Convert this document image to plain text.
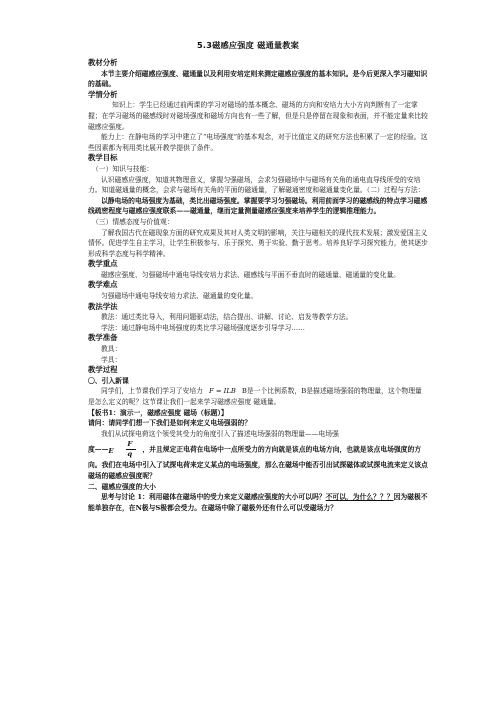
5.3磁感应强度 磁通量教案
教材分析
本节主要介绍磁感应强度、磁通量以及利用安培定则来测定磁感应强度的基本知识。是今后更深入学习磁知识的基础。
学情分析
知识上：学生已经通过前两课的学习对磁场的基本概念、磁场的方向和安培力大小方向判断有了一定掌握；在学习磁场的磁感线时对磁场强度和磁场方向也有一些了解，但是只是停留在现象和表面，并不能定量来比较磁感应强度。
能力上：在静电场的学习中建立了“电场强度”的基本观念，对于比值定义的研究方法也积累了一定的经验。这些因素都为利用类比展开教学提供了条件。
教学目标
（一）知识与技能：
认识磁感应强度，知道其物理意义，掌握匀强磁场，会求匀强磁场中与磁场有关角的通电直导线所受的安培力。知道磁通量的概念，会求与磁场有关角的平面的磁通量，了解磁通密度和磁通量变化量。（二）过程与方法：
以静电场的电场强度为基础，类比出磁场强度。掌握要学习匀强磁场。利用前面学习的磁感线的特点学习磁感线疏密程度与磁感应强度联系——磁通量，继而定量测量磁感应强度来培养学生的逻辑推理能力。
（三）情感态度与价值观：
了解我国古代在磁现象方面的研究成果及其对人类文明的影响，关注与磁相关的现代技术发展；激发爱国主义情怀。促进学生自主学习，让学生积极参与、乐于探究、勇于实验、勤于思考。培养良好学习探究能力，使其逐步形成科学态度与科学精神。
教学重点
磁感应强度、匀强磁场中通电导线安培力求法、磁感线与平面不垂直时的磁通量、磁通量的变化量。
教学难点
匀强磁场中通电导线安培力求法、磁通量的变化量。
教法学法
教法：通过类比导入，利用问题驱动法，结合提出、讲解、讨论、启发等教学方法。
学法：通过静电场中电场强度的类比学习磁场强度逐步引导学习……
教学准备
教具：
学具：
教学过程
〇、引入新课
同学们，上节课我们学习了安培力 F = ILB B是一个比例系数，B是描述磁场强弱的物理量，这个物理量是怎么定义的呢？这节课让我们一起来学习磁感应强度 磁通量。
【板书1：演示一，磁感应强度 磁场（标题）】
请问：请同学们想一下我们是如何来定义电场强弱的？
我们从试探电荷这个领受其受力的角度引入了描述电场强弱的物理量——电场强
度—— E
F
q
，并且规定正电荷在电场中一点所受力的方向就是该点的电场方向，也就是该点电场强度的方向。我们在电场中引入了试探电荷来定义某点的电场强度，那么在磁场中能否引出试探磁体或试探电流来定义该点磁场的磁感应强度呢？
二、磁感应强度的大小
思考与讨论 1：利用磁体在磁场中的受力来定义磁感应强度的大小可以吗？不可以，为什么？？？因为磁极不能单独存在，在N极与S极都会受力。在磁场中除了磁极外还有什么可以受磁场力？
